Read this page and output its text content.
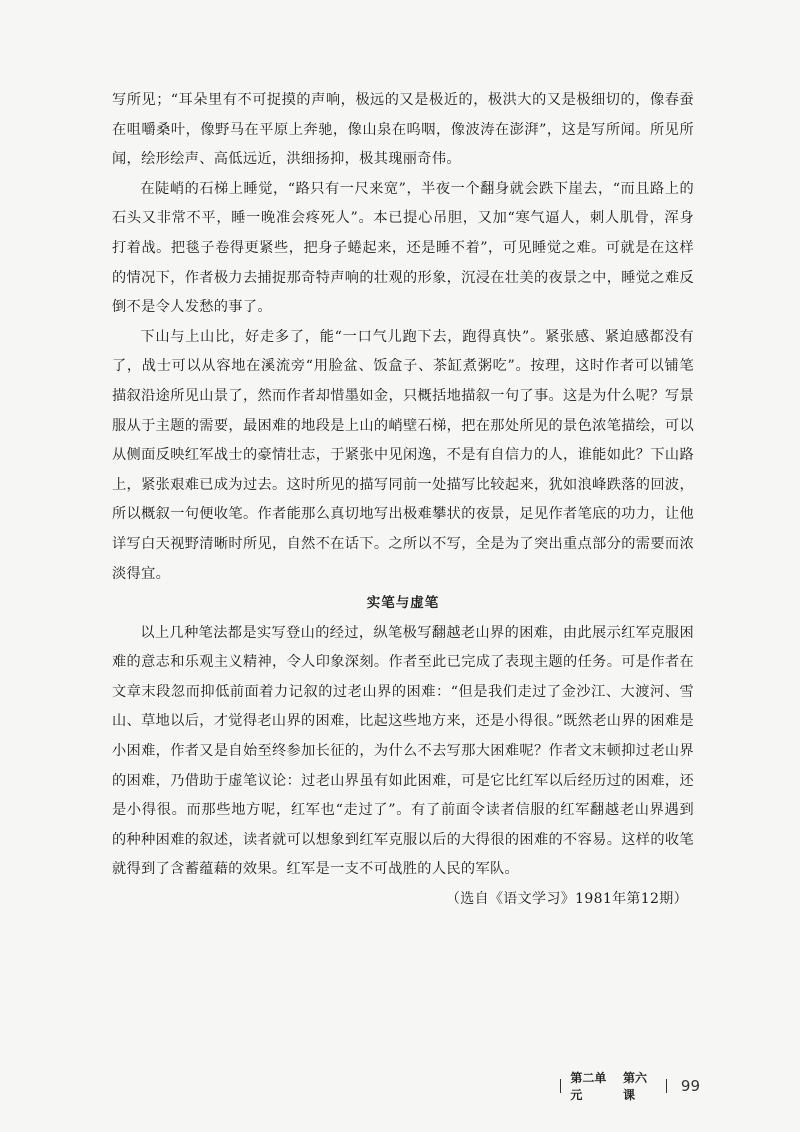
写所见；“耳朵里有不可捉摸的声响，极远的又是极近的，极洪大的又是极细切的，像春蚕在咀嚼桑叶，像野马在平原上奔驰，像山泉在呜咽，像波涛在澎湃”，这是写所闻。所见所闻，绘形绘声、高低远近，洪细扬抑，极其瑰丽奇伟。

在陡峭的石梯上睡觉，“路只有一尺来宽”，半夜一个翻身就会跌下崖去，“而且路上的石头又非常不平，睡一晚准会疼死人”。本已提心吊胆，又加“寒气逼人，刺人肌骨，浑身打着战。把毯子卷得更紧些，把身子蜷起来，还是睡不着”，可见睡觉之难。可就是在这样的情况下，作者极力去捕捉那奇特声响的壮观的形象，沉浸在壮美的夜景之中，睡觉之难反倒不是令人发愁的事了。

下山与上山比，好走多了，能“一口气儿跑下去，跑得真快”。紧张感、紧迫感都没有了，战士可以从容地在溪流旁“用脸盆、饭盒子、茶缸煮粥吃”。按理，这时作者可以铺笔描叙沿途所见山景了，然而作者却惜墨如金，只概括地描叙一句了事。这是为什么呢？写景服从于主题的需要，最困难的地段是上山的峭壁石梯，把在那处所见的景色浓笔描绘，可以从侧面反映红军战士的豪情壮志，于紧张中见闲逸，不是有自信力的人，谁能如此？下山路上，紧张艰难已成为过去。这时所见的描写同前一处描写比较起来，犹如浪峰跌落的回波，所以概叙一句便收笔。作者能那么真切地写出极难攀状的夜景，足见作者笔底的功力，让他详写白天视野清晰时所见，自然不在话下。之所以不写，全是为了突出重点部分的需要而浓淡得宜。

实笔与虚笔

以上几种笔法都是实写登山的经过，纵笔极写翻越老山界的困难，由此展示红军克服困难的意志和乐观主义精神，令人印象深刻。作者至此已完成了表现主题的任务。可是作者在文章末段忽而抑低前面着力记叙的过老山界的困难：“但是我们走过了金沙江、大渡河、雪山、草地以后，才觉得老山界的困难，比起这些地方来，还是小得很。”既然老山界的困难是小困难，作者又是自始至终参加长征的，为什么不去写那大困难呢？作者文末顿抑过老山界的困难，乃借助于虚笔议论：过老山界虽有如此困难，可是它比红军以后经历过的困难，还是小得很。而那些地方呢，红军也“走过了”。有了前面令读者信服的红军翻越老山界遇到的种种困难的叙述，读者就可以想象到红军克服以后的大得很的困难的不容易。这样的收笔就得到了含蓄蕴藉的效果。红军是一支不可战胜的人民的军队。

（选自《语文学习》1981年第12期）

第二单元
第六课	99
